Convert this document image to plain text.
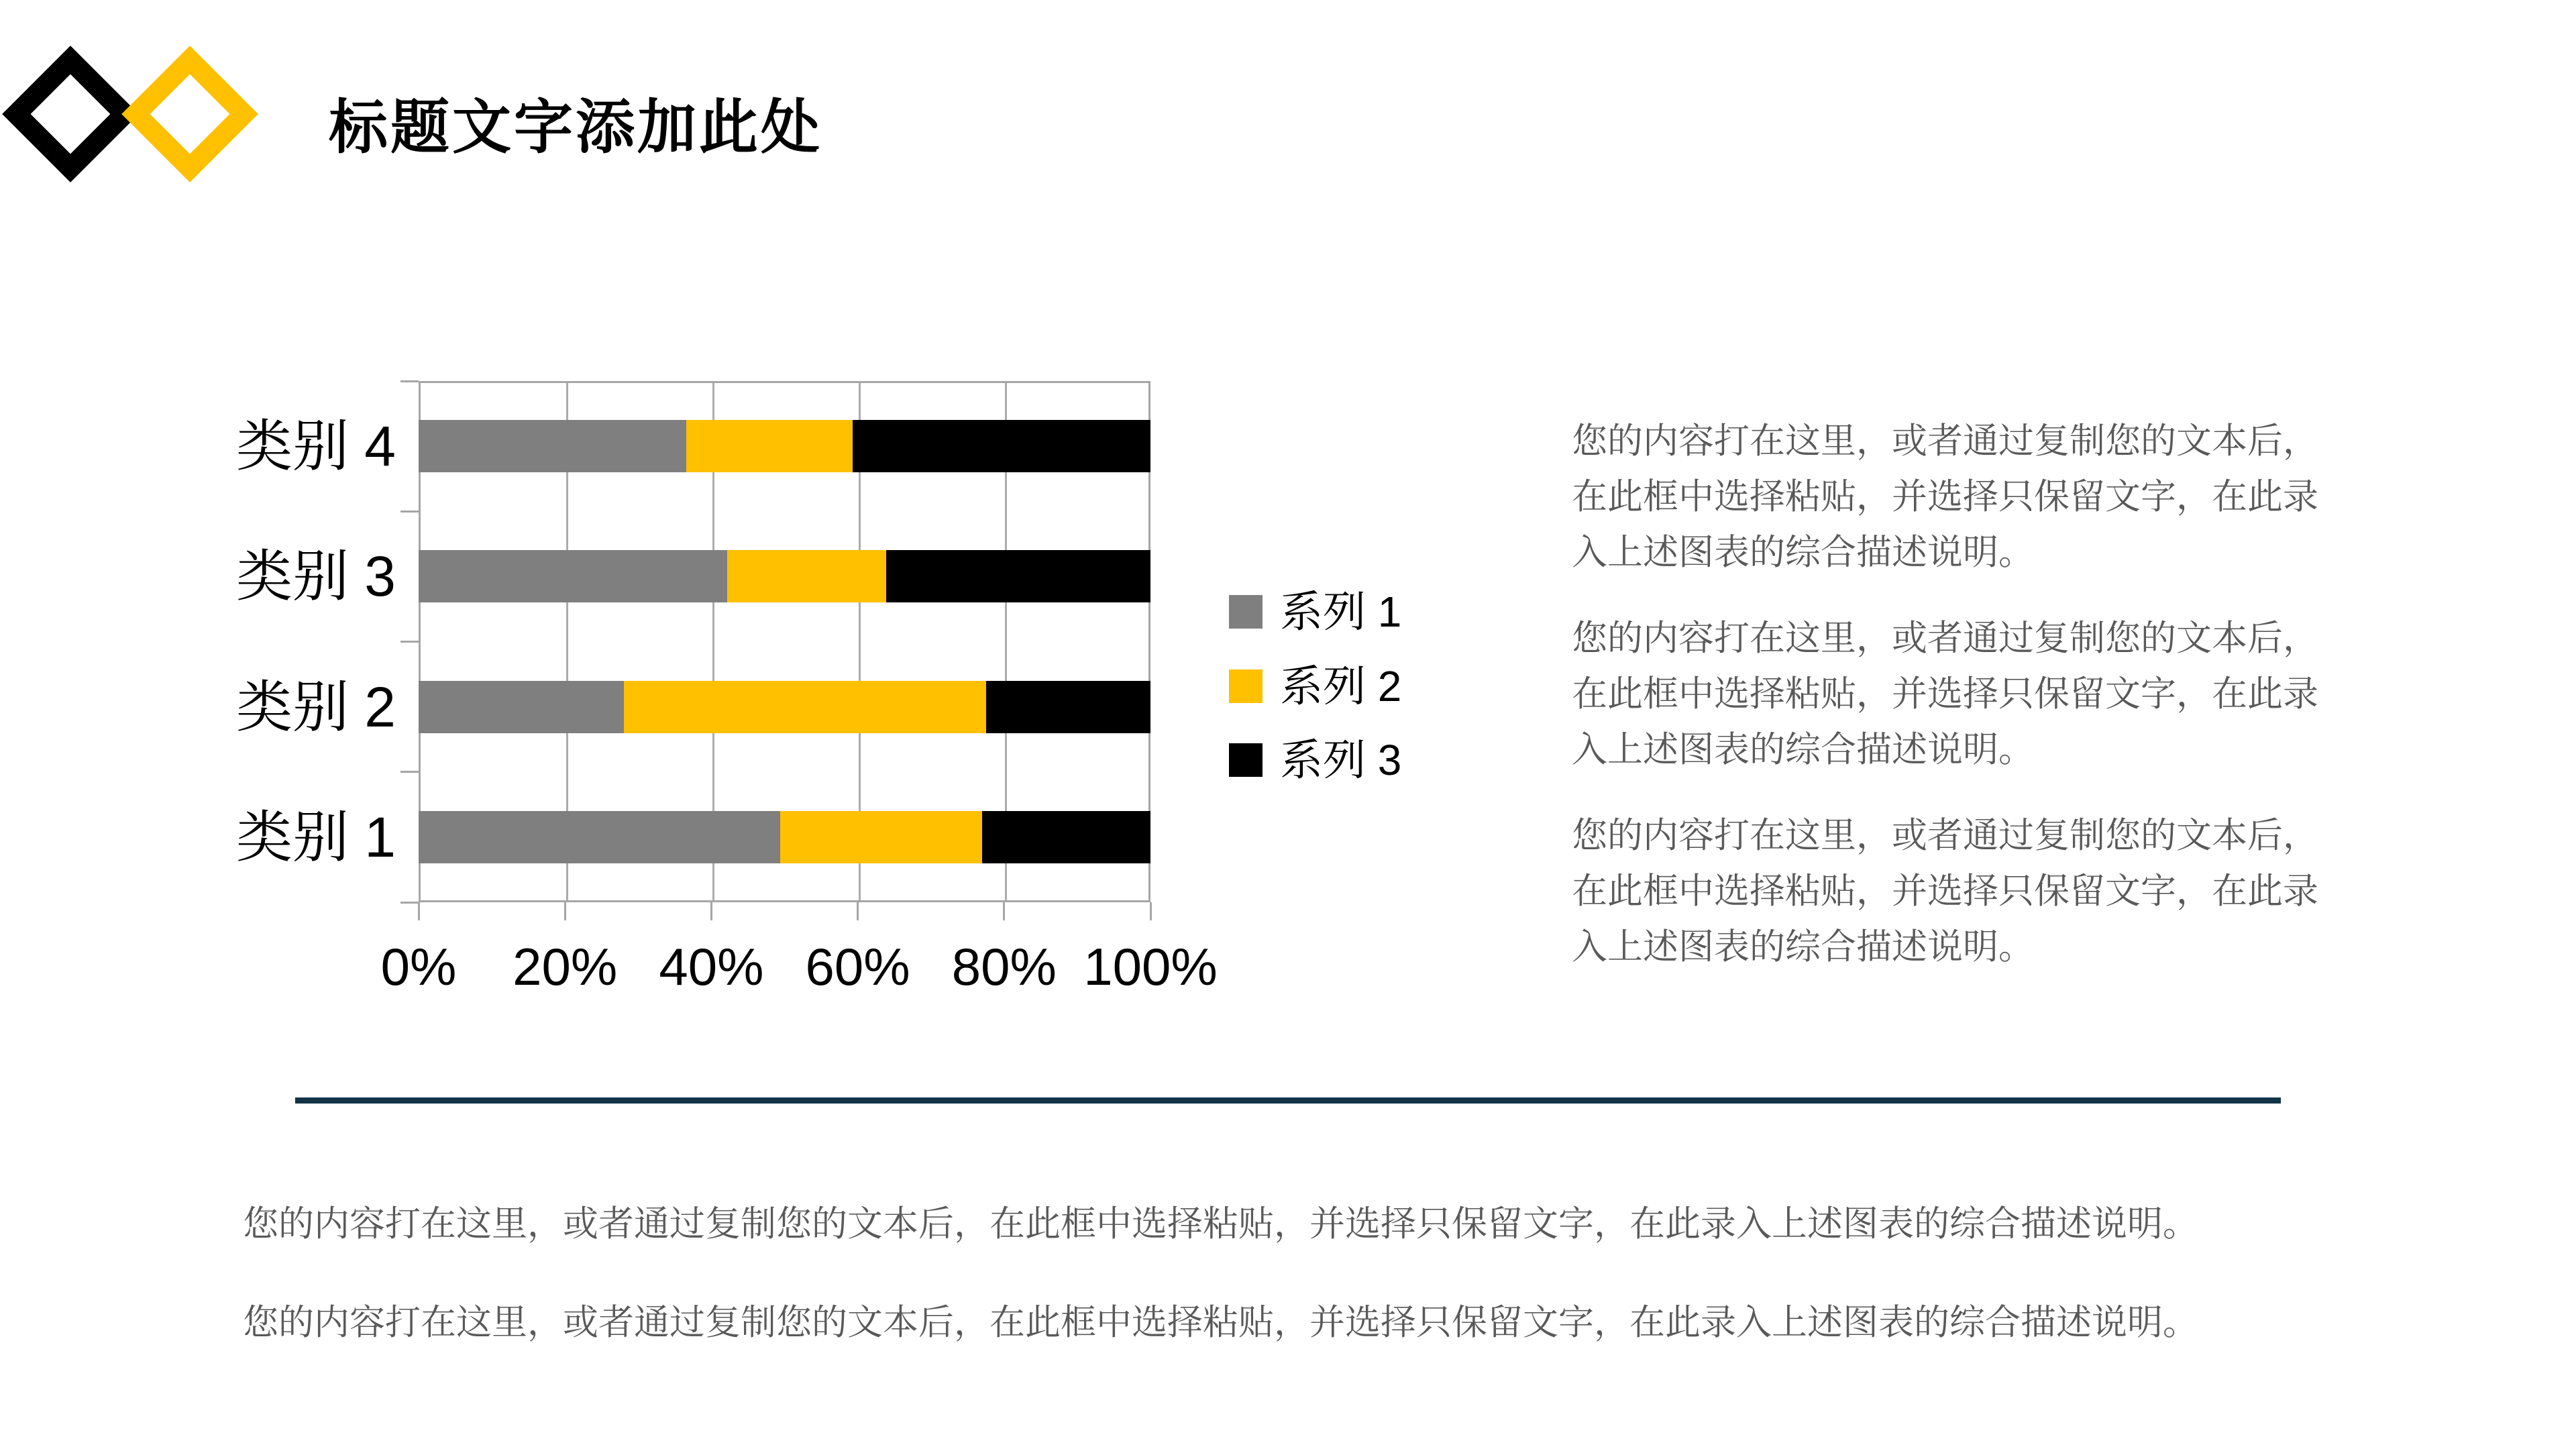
标题文字添加此处
0%	20% 40% 60% 80% 100%
类别 4
类别 3
类别 2
类别 1
系列 1
系列 2
系列 3
您的内容打在这里，或者通过复制您的文本后，
在此框中选择粘贴，并选择只保留文字，在此录
入上述图表的综合描述说明。
您的内容打在这里，或者通过复制您的文本后，
在此框中选择粘贴，并选择只保留文字，在此录
入上述图表的综合描述说明。
您的内容打在这里，或者通过复制您的文本后，
在此框中选择粘贴，并选择只保留文字，在此录
入上述图表的综合描述说明。
您的内容打在这里，或者通过复制您的文本后，在此框中选择粘贴，并选择只保留文字，在此录入上述图表的综合描述说明。
您的内容打在这里，或者通过复制您的文本后，在此框中选择粘贴，并选择只保留文字，在此录入上述图表的综合描述说明。
